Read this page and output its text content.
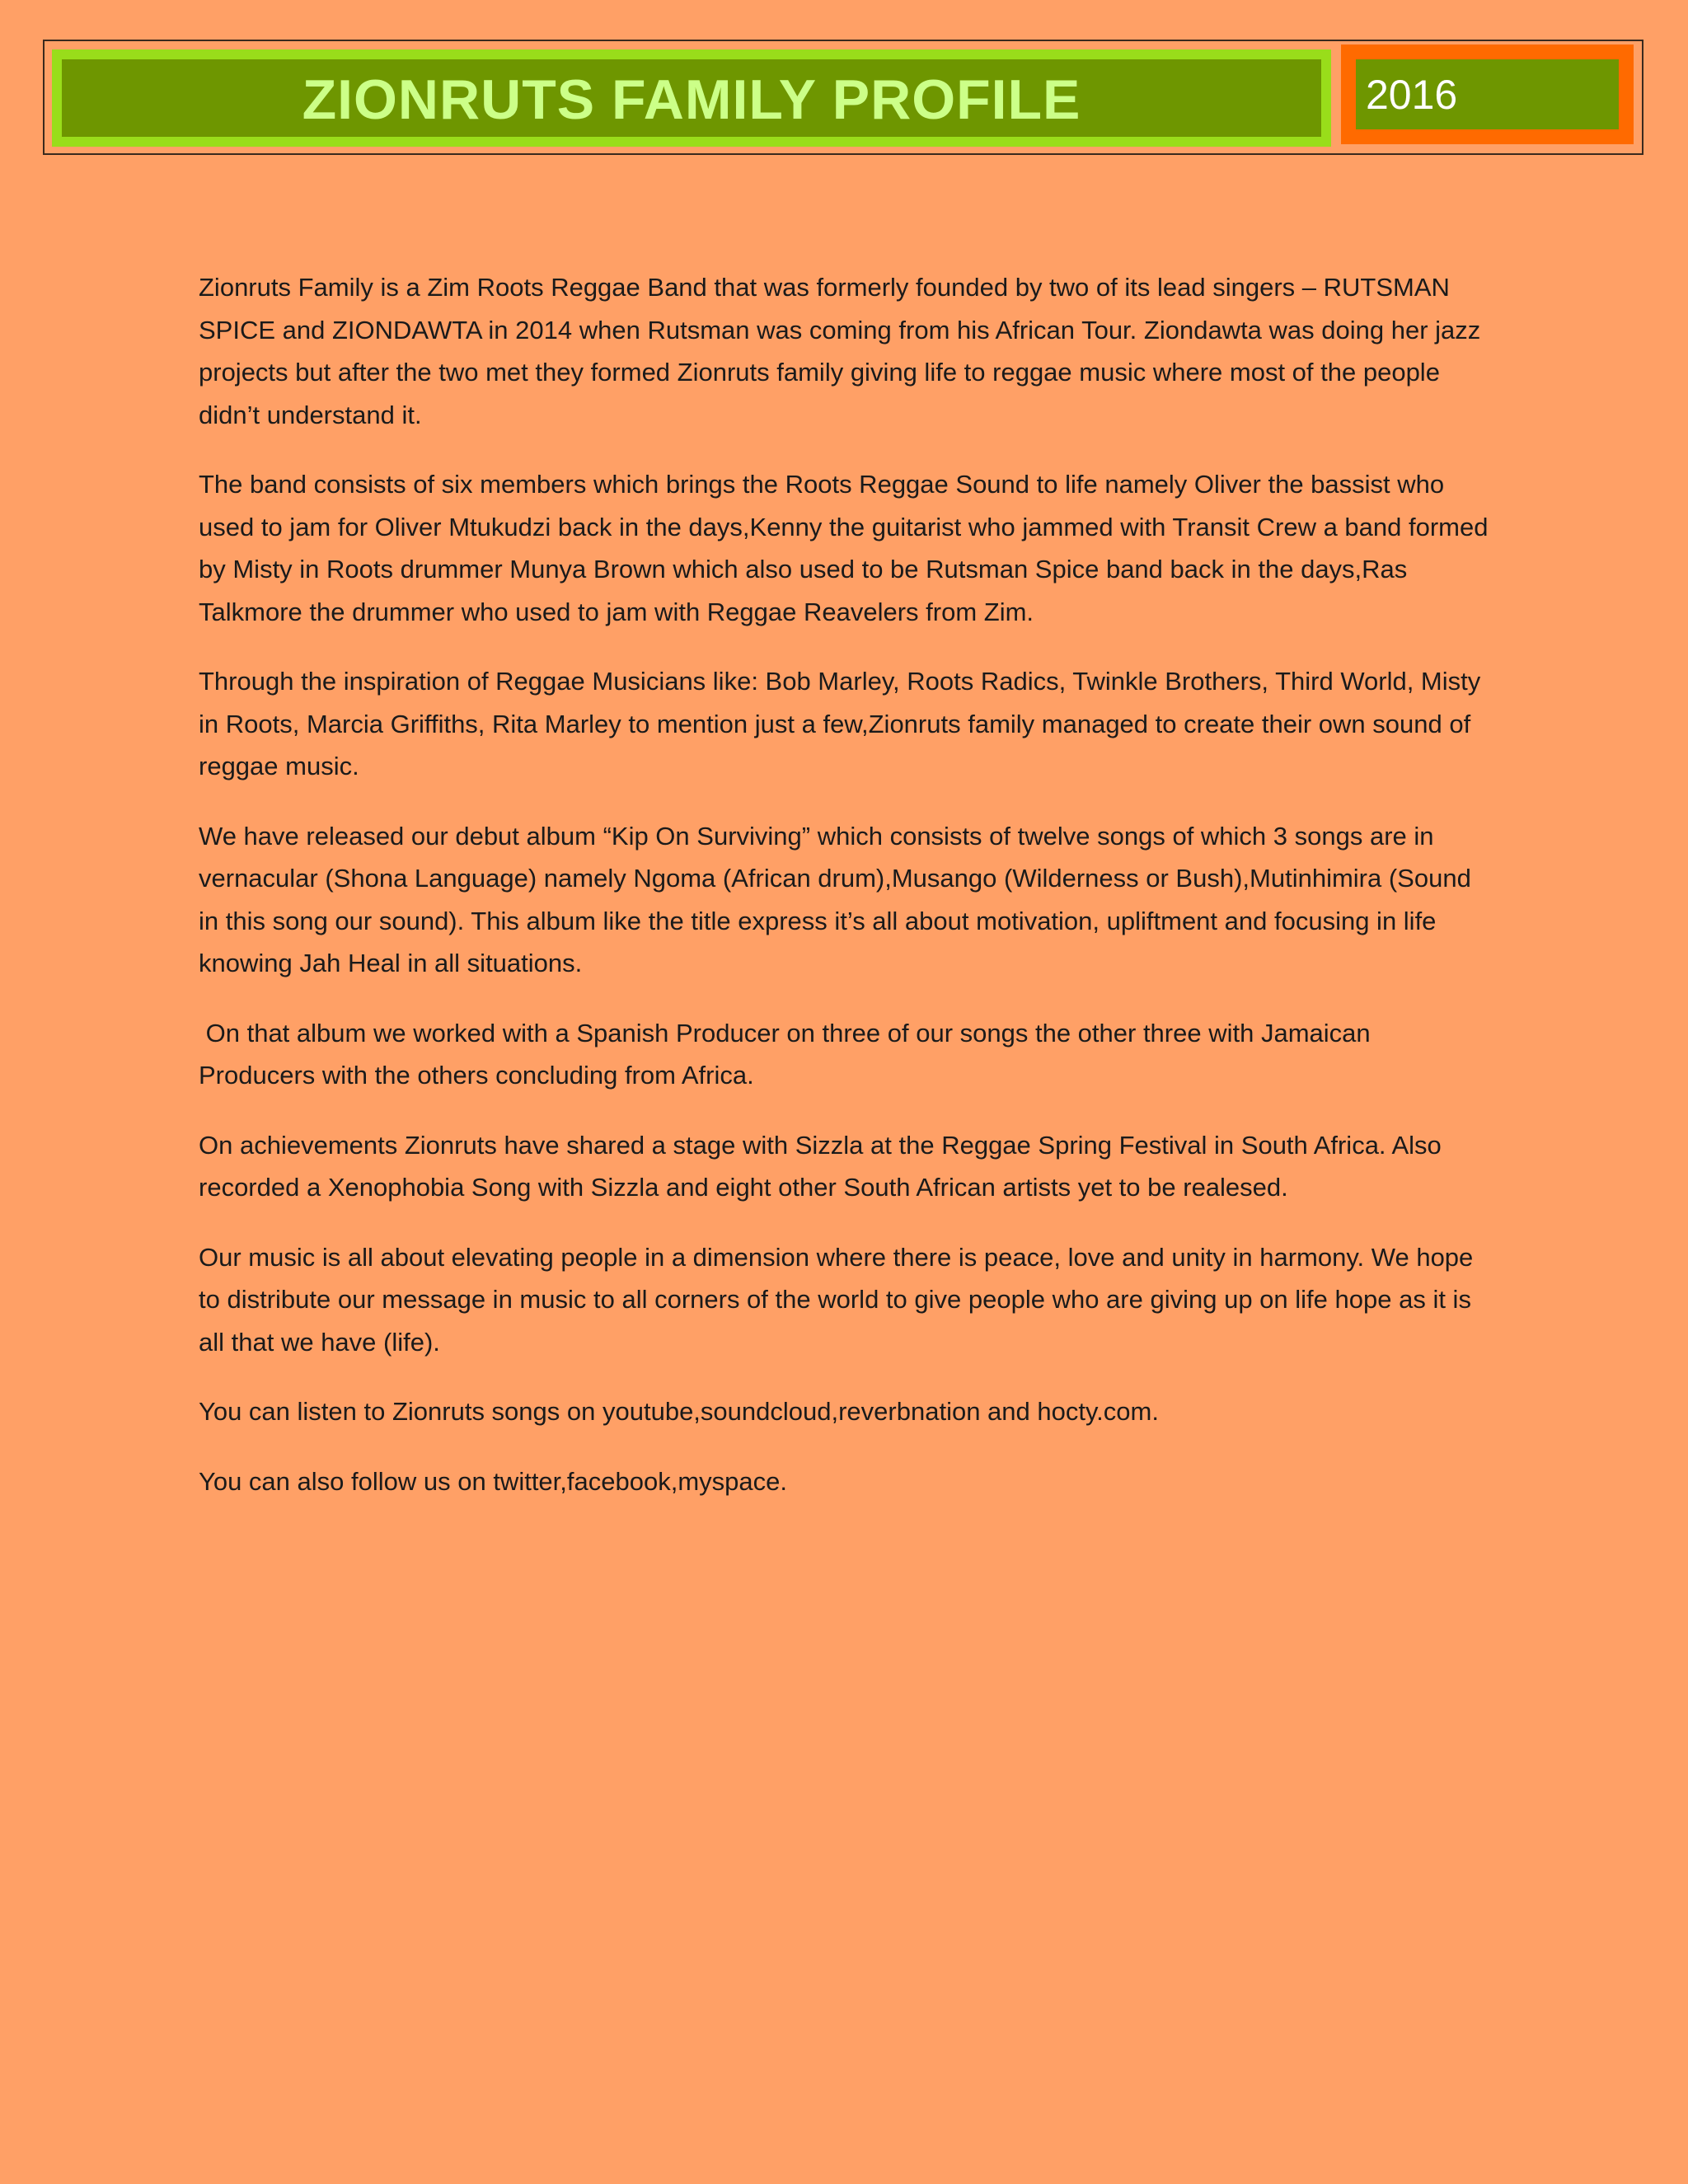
ZIONRUTS FAMILY PROFILE	2016

Zionruts Family is a Zim Roots Reggae Band that was formerly founded by two of its lead singers – RUTSMAN SPICE and ZIONDAWTA in 2014 when Rutsman was coming from his African Tour. Ziondawta was doing her jazz projects but after the two met they formed Zionruts family giving life to reggae music where most of the people didn’t understand it.

The band consists of six members which brings the Roots Reggae Sound to life namely Oliver the bassist who used to jam for Oliver Mtukudzi back in the days,Kenny the guitarist who jammed with Transit Crew a band formed by Misty in Roots drummer Munya Brown which also used to be Rutsman Spice band back in the days,Ras Talkmore the drummer who used to jam with Reggae Reavelers from Zim.

Through the inspiration of Reggae Musicians like: Bob Marley, Roots Radics, Twinkle Brothers, Third World, Misty in Roots, Marcia Griffiths, Rita Marley to mention just a few,Zionruts family managed to create their own sound of reggae music.

We have released our debut album “Kip On Surviving” which consists of twelve songs of which 3 songs are in vernacular (Shona Language) namely Ngoma (African drum),Musango (Wilderness or Bush),Mutinhimira (Sound in this song our sound). This album like the title express it’s all about motivation, upliftment and focusing in life knowing Jah Heal in all situations.

On that album we worked with a Spanish Producer on three of our songs the other three with Jamaican Producers with the others concluding from Africa.

On achievements Zionruts have shared a stage with Sizzla at the Reggae Spring Festival in South Africa. Also recorded a Xenophobia Song with Sizzla and eight other South African artists yet to be realesed.

Our music is all about elevating people in a dimension where there is peace, love and unity in harmony. We hope to distribute our message in music to all corners of the world to give people who are giving up on life hope as it is all that we have (life).

You can listen to Zionruts songs on youtube,soundcloud,reverbnation and hocty.com.

You can also follow us on twitter,facebook,myspace.
